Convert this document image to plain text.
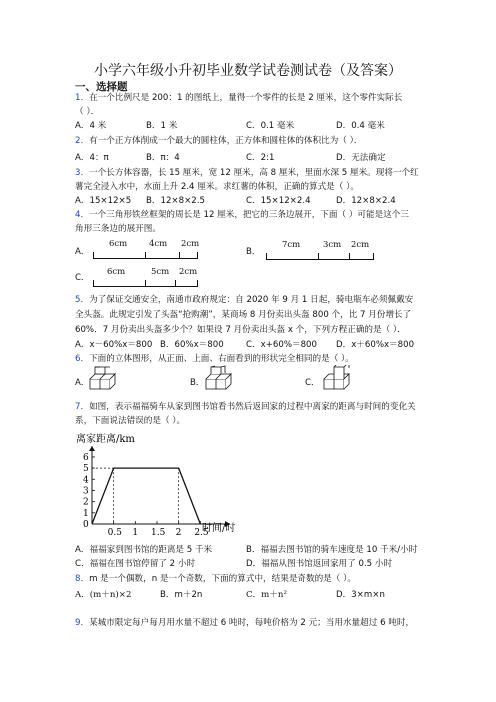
小学六年级小升初毕业数学试卷测试卷（及答案）
一、选择题
1．在一个比例尺是 200：1 的图纸上，量得一个零件的长是 2 厘米，这个零件实际长
（ ）．
A．4 米	B．1 米	C．0.1 毫米	D．0.4 毫米
2．有一个正方体削成一个最大的圆柱体，正方体和圆柱体的体积比为（ ）．
A．4：π	B．π：4	C．2:1	D．无法确定
3．一个长方体容器，长 15 厘米，宽 12 厘米，高 8 厘米，里面水深 5 厘米。现将一个红
薯完全浸入水中，水面上升 2.4 厘米。求红薯的体积，正确的算式是（ ）。
A．15×12×5 B．12×8×2.5	C．15×12×2.4	D．12×8×2.4
4．一个三角形铁丝框架的周长是 12 厘米，把它的三条边展开，下面（ ）可能是这个三
角形三条边的展开图。
A．
6cm	4cm 2cm
B．
7cm	3cm 2cm
C．
6cm	5cm 2cm
5．为了保证交通安全，南通市政府规定：自 2020 年 9 月 1 日起，骑电瓶车必须佩戴安
全头盔。此规定引发了头盔“抢购潮”，某商场 8 月份卖出头盔 800 个，比 7 月份增长了
60%．7 月份卖出头盔多少个？如果设 7 月份卖出头盔 x 个，下列方程正确的是（ ）．
A．x－60%x＝800 B．60%x＝800	C．x+60%＝800 D．x＋60%x＝800
6．下面的立体图形，从正面、上面、右面看到的形状完全相同的是（ ）。
A．	B．	C．
7．如图，表示福福骑车从家到图书馆看书然后返回家的过程中离家的距离与时间的变化关
系，下面说法错误的是（ ）。
离家距离/km
时间/时
1
2
3
4
5
6
0.5 1 1.5 2 2.5
0
A．福福家到图书馆的距离是 5 千米	B．福福去图书馆的骑车速度是 10 千米/小时
C．福福在图书馆停留了 2 小时	D．福福从图书馆返回家用了 0.5 小时
8．m 是一个偶数，n 是一个奇数，下面的算式中，结果是奇数的是（ ）。
A．(m＋n)×2	B．m＋2n	C．m＋n²	D．3×m×n
9．某城市限定每户每月用水量不超过 6 吨时，每吨价格为 2 元；当用水量超过 6 吨时，
